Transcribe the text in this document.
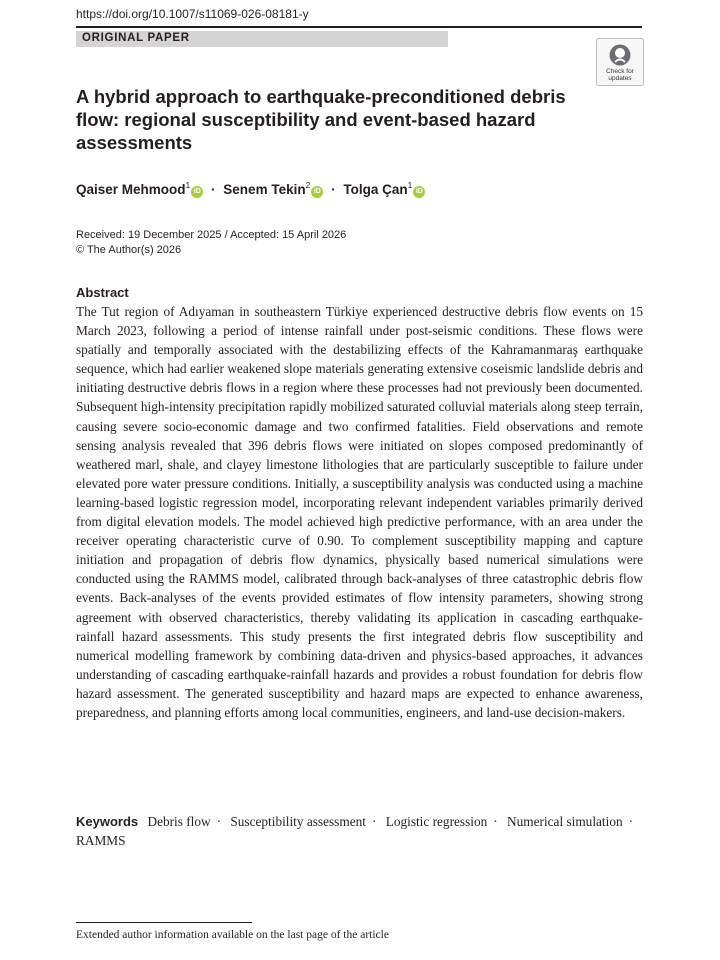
https://doi.org/10.1007/s11069-026-08181-y
ORIGINAL PAPER
Check for updates
A hybrid approach to earthquake-preconditioned debris flow: regional susceptibility and event-based hazard assessments
Qaiser Mehmood$^1$iD · Senem Tekin$^2$iD · Tolga Çan$^1$iD
Received: 19 December 2025 / Accepted: 15 April 2026
© The Author(s) 2026
Abstract

The Tut region of Adıyaman in southeastern Türkiye experienced destructive debris flow events on 15 March 2023, following a period of intense rainfall under post-seismic conditions. These flows were spatially and temporally associated with the destabilizing effects of the Kahramanmaraş earthquake sequence, which had earlier weakened slope materials generating extensive coseismic landslide debris and initiating destructive debris flows in a region where these processes had not previously been documented. Subsequent high-intensity precipitation rapidly mobilized saturated colluvial materials along steep terrain, causing severe socio-economic damage and two confirmed fatalities. Field observations and remote sensing analysis revealed that 396 debris flows were initiated on slopes composed predominantly of weathered marl, shale, and clayey limestone lithologies that are particularly susceptible to failure under elevated pore water pressure conditions. Initially, a susceptibility analysis was conducted using a machine learning-based logistic regression model, incorporating relevant independent variables primarily derived from digital elevation models. The model achieved high predictive performance, with an area under the receiver operating characteristic curve of 0.90. To complement susceptibility mapping and capture initiation and propagation of debris flow dynamics, physically based numerical simulations were conducted using the RAMMS model, calibrated through back-analyses of three catastrophic debris flow events. Back-analyses of the events provided estimates of flow intensity parameters, showing strong agreement with observed characteristics, thereby validating its application in cascading earthquake-rainfall hazard assessments. This study presents the first integrated debris flow susceptibility and numerical modelling framework by combining data-driven and physics-based approaches, it advances understanding of cascading earthquake-rainfall hazards and provides a robust foundation for debris flow hazard assessment. The generated susceptibility and hazard maps are expected to enhance awareness, preparedness, and planning efforts among local communities, engineers, and land-use decision-makers.

Keywords Debris flow · Susceptibility assessment · Logistic regression · Numerical simulation · RAMMS
Extended author information available on the last page of the article
